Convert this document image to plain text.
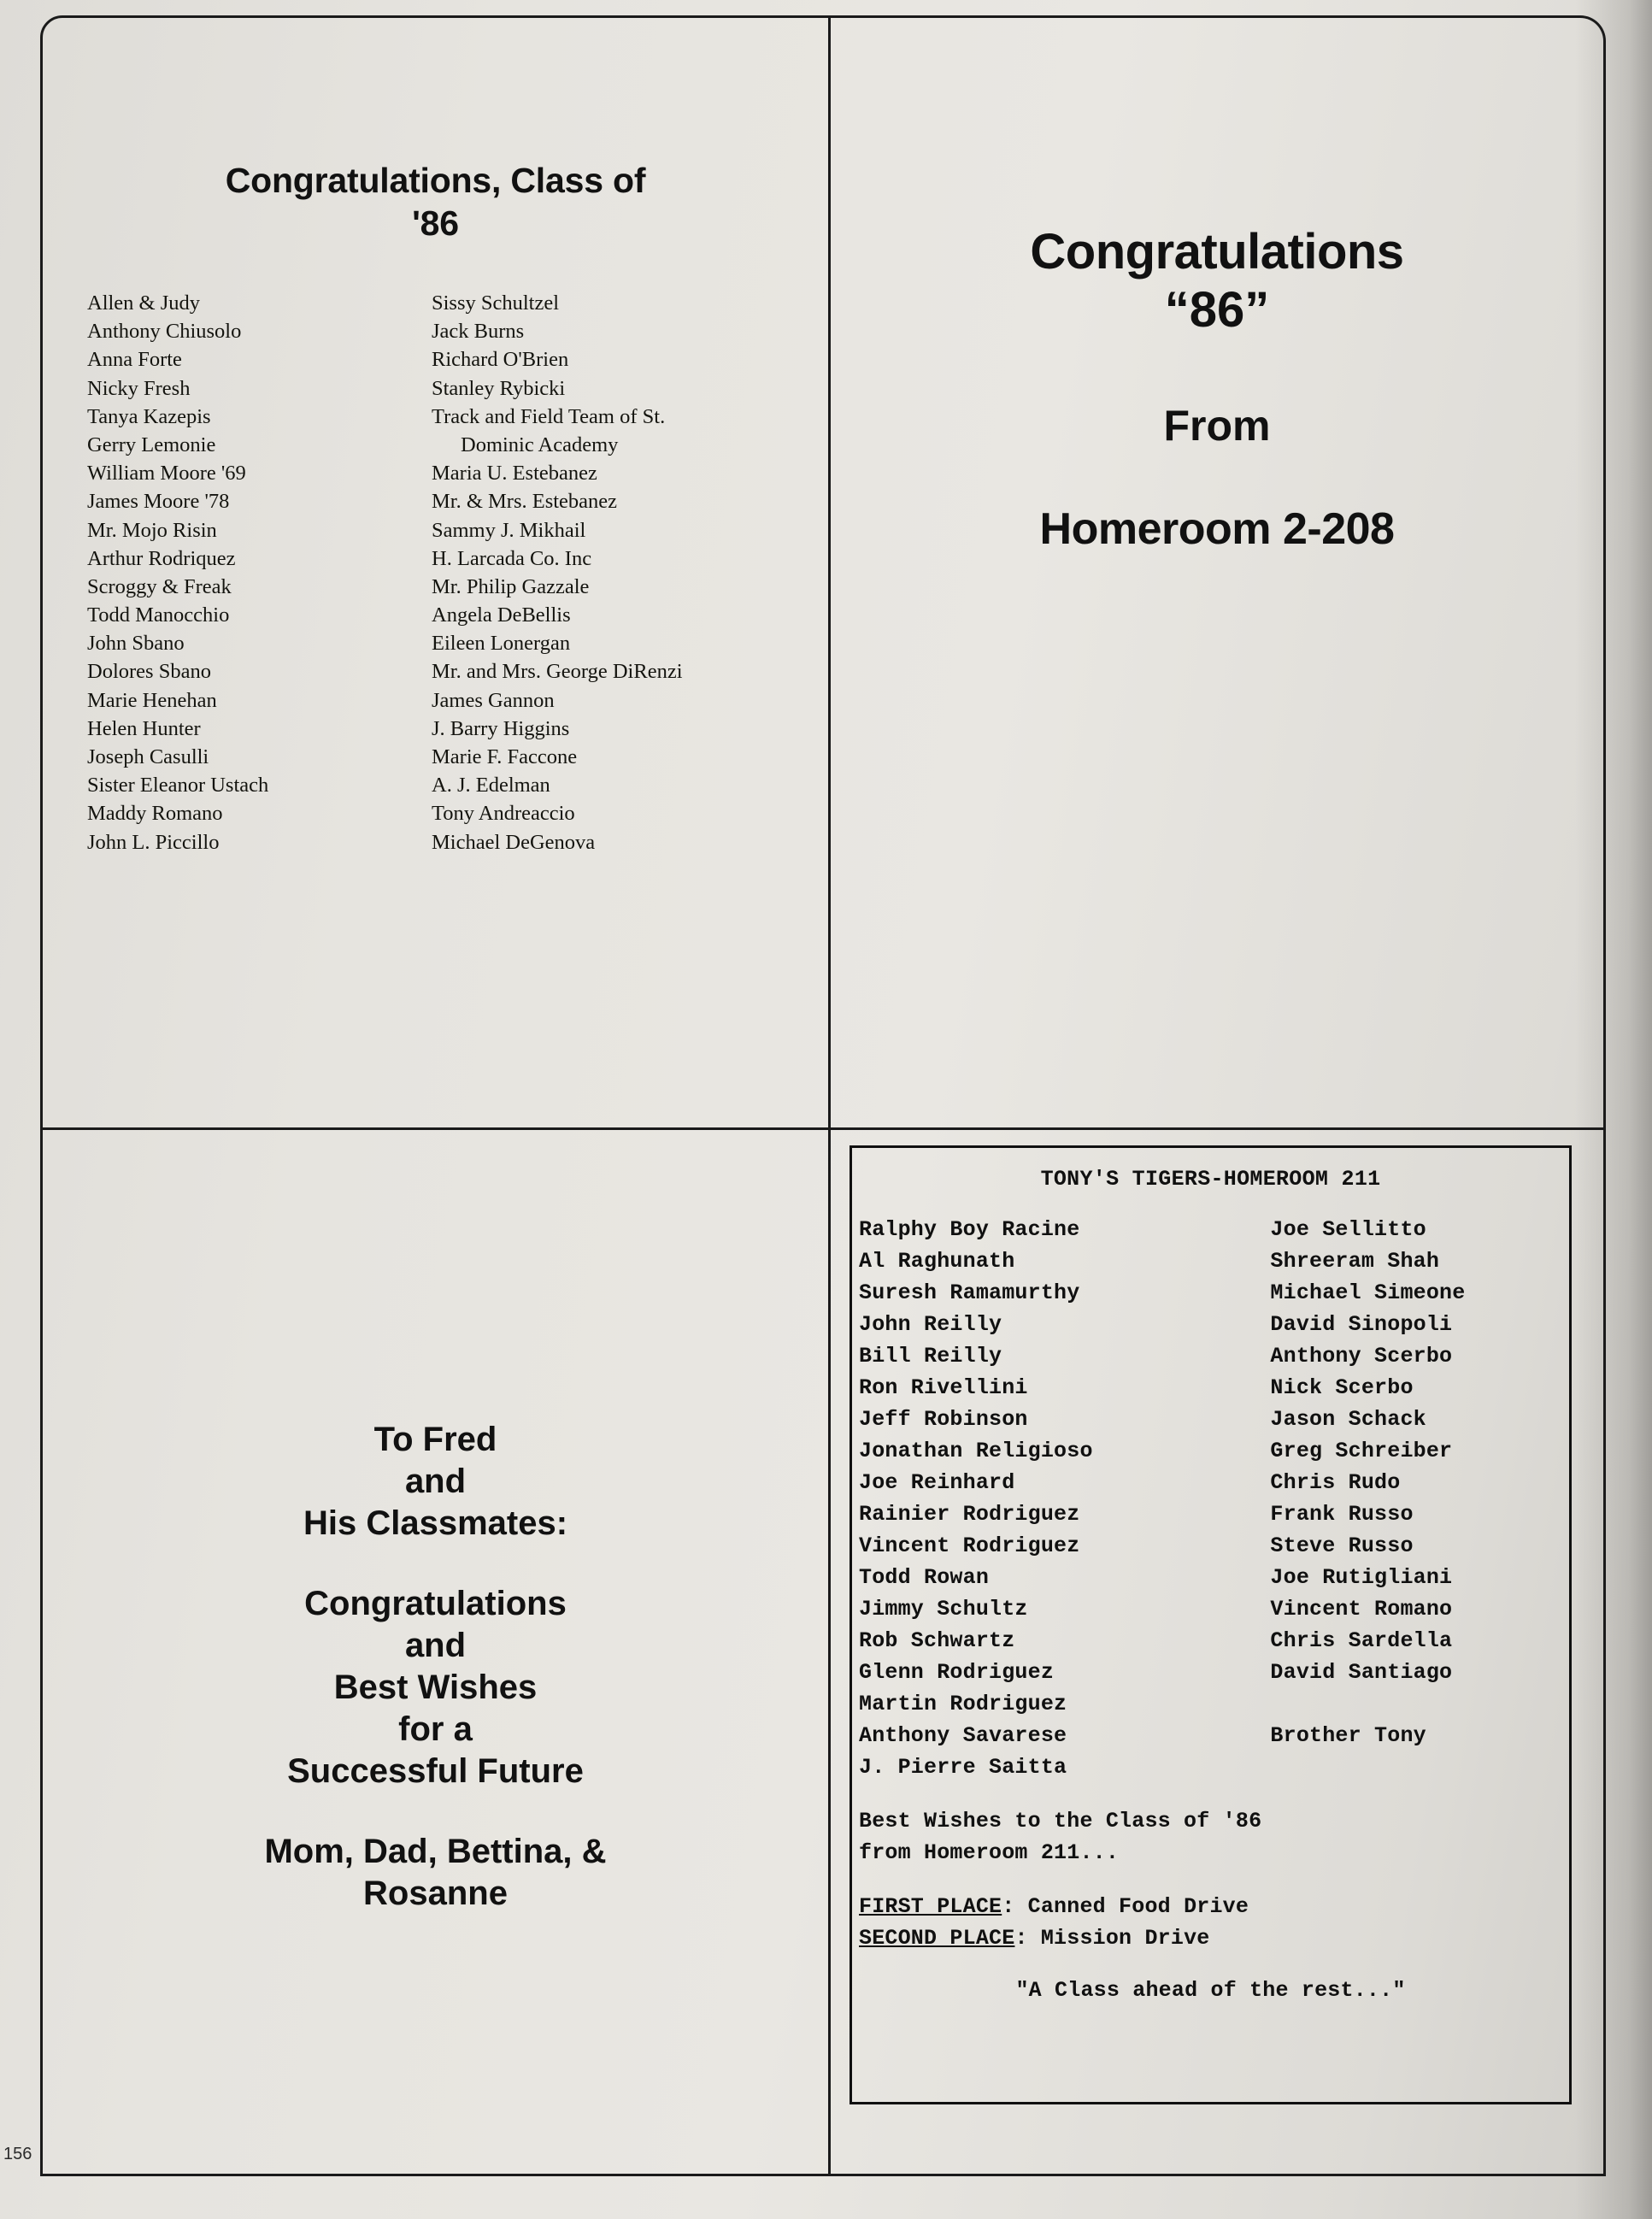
Congratulations, Class of
'86
Allen & Judy
Anthony Chiusolo
Anna Forte
Nicky Fresh
Tanya Kazepis
Gerry Lemonie
William Moore '69
James Moore '78
Mr. Mojo Risin
Arthur Rodriquez
Scroggy & Freak
Todd Manocchio
John Sbano
Dolores Sbano
Marie Henehan
Helen Hunter
Joseph Casulli
Sister Eleanor Ustach
Maddy Romano
John L. Piccillo
Sissy Schultzel
Jack Burns
Richard O'Brien
Stanley Rybicki
Track and Field Team of St.
Dominic Academy
Maria U. Estebanez
Mr. & Mrs. Estebanez
Sammy J. Mikhail
H. Larcada Co. Inc
Mr. Philip Gazzale
Angela DeBellis
Eileen Lonergan
Mr. and Mrs. George DiRenzi
James Gannon
J. Barry Higgins
Marie F. Faccone
A. J. Edelman
Tony Andreaccio
Michael DeGenova
Congratulations
“86”
From
Homeroom 2-208
To Fred
and
His Classmates:
Congratulations
and
Best Wishes
for a
Successful Future
Mom, Dad, Bettina, &
Rosanne
TONY'S TIGERS-HOMEROOM 211
Ralphy Boy Racine
Al Raghunath
Suresh Ramamurthy
John Reilly
Bill Reilly
Ron Rivellini
Jeff Robinson
Jonathan Religioso
Joe Reinhard
Rainier Rodriguez
Vincent Rodriguez
Todd Rowan
Jimmy Schultz
Rob Schwartz
Glenn Rodriguez
Martin Rodriguez
Anthony Savarese
J. Pierre Saitta
Joe Sellitto
Shreeram Shah
Michael Simeone
David Sinopoli
Anthony Scerbo
Nick Scerbo
Jason Schack
Greg Schreiber
Chris Rudo
Frank Russo
Steve Russo
Joe Rutigliani
Vincent Romano
Chris Sardella
David Santiago
Brother Tony
Best Wishes to the Class of '86
from Homeroom 211...
FIRST PLACE: Canned Food Drive
SECOND PLACE: Mission Drive
"A Class ahead of the rest..."
156
